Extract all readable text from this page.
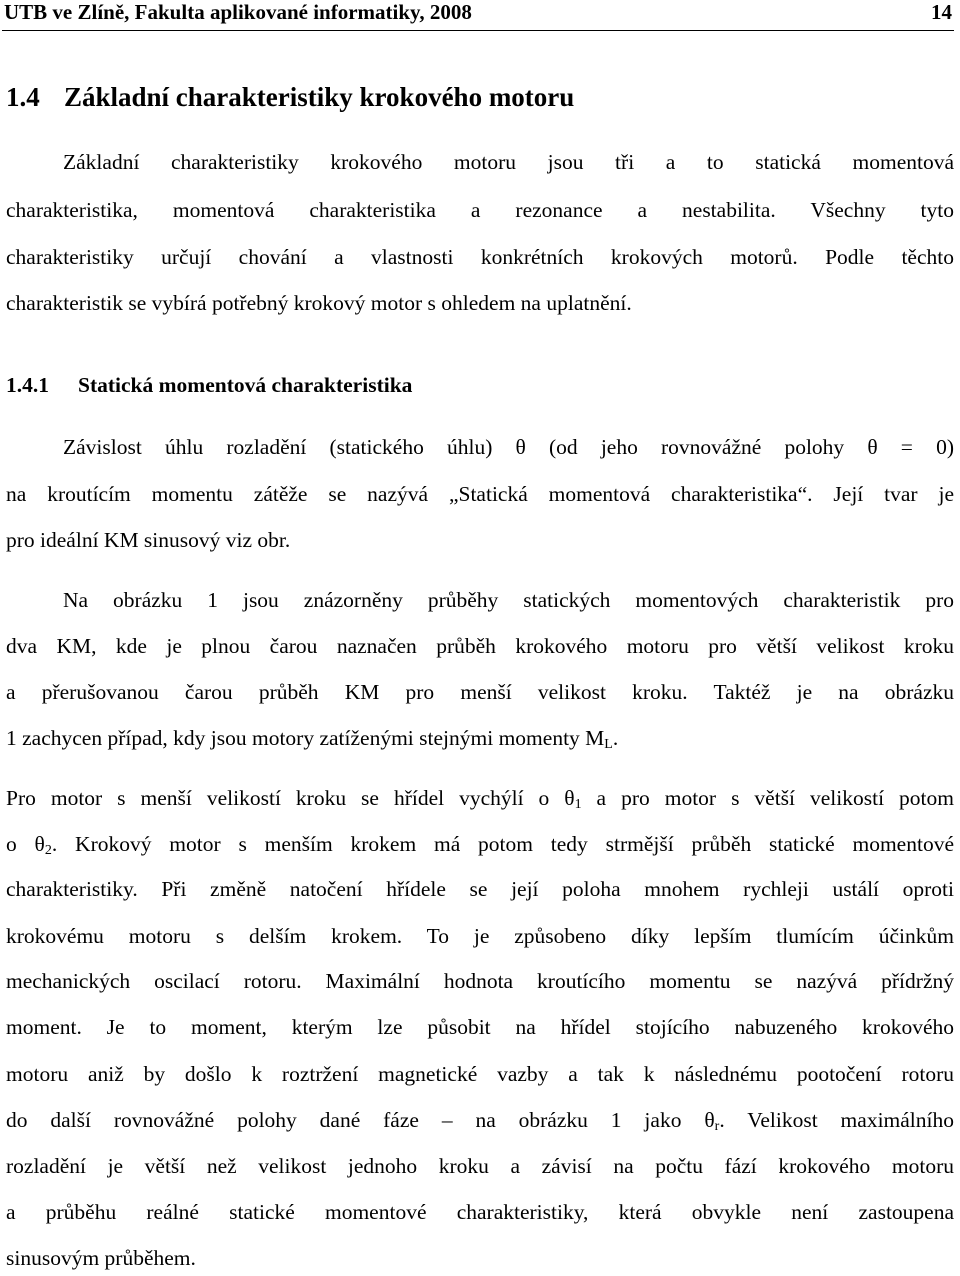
UTB ve Zlíně, Fakulta aplikované informatiky, 2008	14
1.4 Základní charakteristiky krokového motoru
Základní charakteristiky krokového motoru jsou tři a to statická momentová
charakteristika, momentová charakteristika a rezonance a nestabilita. Všechny tyto
charakteristiky určují chování a vlastnosti konkrétních krokových motorů. Podle těchto
charakteristik se vybírá potřebný krokový motor s ohledem na uplatnění.
1.4.1 Statická momentová charakteristika
Závislost úhlu rozladění (statického úhlu) θ (od jeho rovnovážné polohy θ = 0)
na kroutícím momentu zátěže se nazývá „Statická momentová charakteristika“. Její tvar je
pro ideální KM sinusový viz obr.
Na obrázku 1 jsou znázorněny průběhy statických momentových charakteristik pro
dva KM, kde je plnou čarou naznačen průběh krokového motoru pro větší velikost kroku
a přerušovanou čarou průběh KM pro menší velikost kroku. Taktéž je na obrázku
1 zachycen případ, kdy jsou motory zatíženými stejnými momenty $M_L$.
Pro motor s menší velikostí kroku se hřídel vychýlí o $\theta_1$ a pro motor s větší velikostí potom
o $\theta_2$. Krokový motor s menším krokem má potom tedy strmější průběh statické momentové
charakteristiky. Při změně natočení hřídele se její poloha mnohem rychleji ustálí oproti
krokovému motoru s delším krokem. To je způsobeno díky lepším tlumícím účinkům
mechanických oscilací rotoru. Maximální hodnota kroutícího momentu se nazývá přídržný
moment. Je to moment, kterým lze působit na hřídel stojícího nabuzeného krokového
motoru aniž by došlo k roztržení magnetické vazby a tak k následnému pootočení rotoru
do další rovnovážné polohy dané fáze – na obrázku 1 jako $\theta_r$. Velikost maximálního
rozladění je větší než velikost jednoho kroku a závisí na počtu fází krokového motoru
a průběhu reálné statické momentové charakteristiky, která obvykle není zastoupena
sinusovým průběhem.
